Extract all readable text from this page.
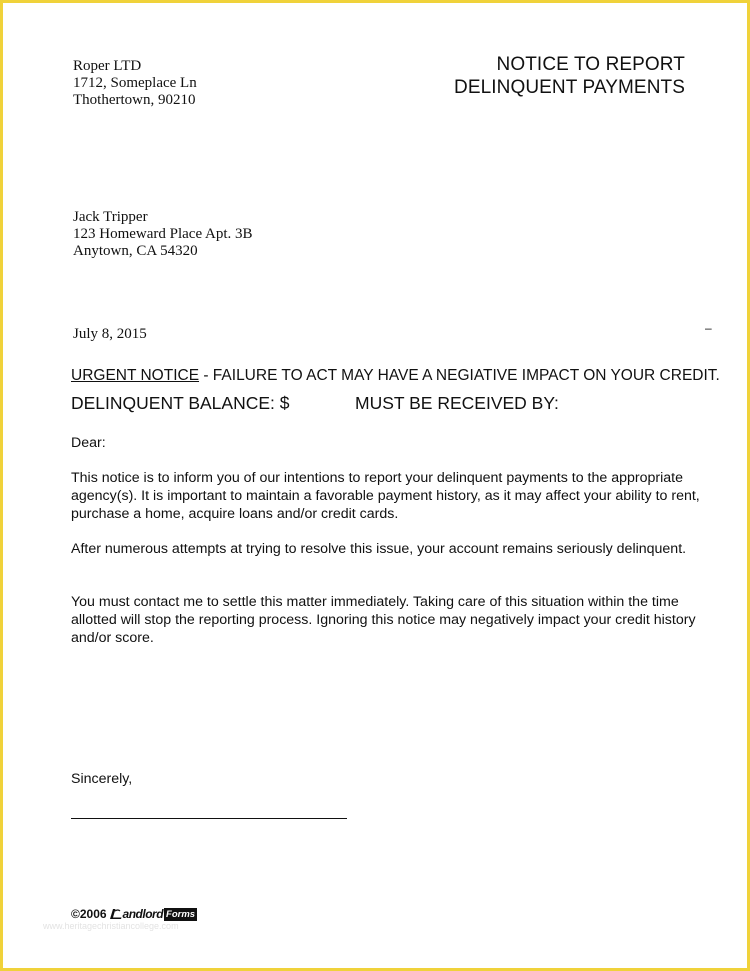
Roper LTD
1712, Someplace Ln
Thothertown, 90210
NOTICE TO REPORT
DELINQUENT PAYMENTS
Jack Tripper
123 Homeward Place Apt. 3B
Anytown, CA 54320
July 8, 2015	–
URGENT NOTICE - FAILURE TO ACT MAY HAVE A NEGIATIVE IMPACT ON YOUR CREDIT.
DELINQUENT BALANCE: $	MUST BE RECEIVED BY:
Dear:
This notice is to inform you of our intentions to report your delinquent payments to the appropriate agency(s). It is important to maintain a favorable payment history, as it may affect your ability to rent, purchase a home, acquire loans and/or credit cards.
After numerous attempts at trying to resolve this issue, your account remains seriously delinquent.
You must contact me to settle this matter immediately. Taking care of this situation within the time allotted will stop the reporting process. Ignoring this notice may negatively impact your credit history and/or score.
Sincerely,
©2006 andlord Forms
www.heritagechristiancollege.com
